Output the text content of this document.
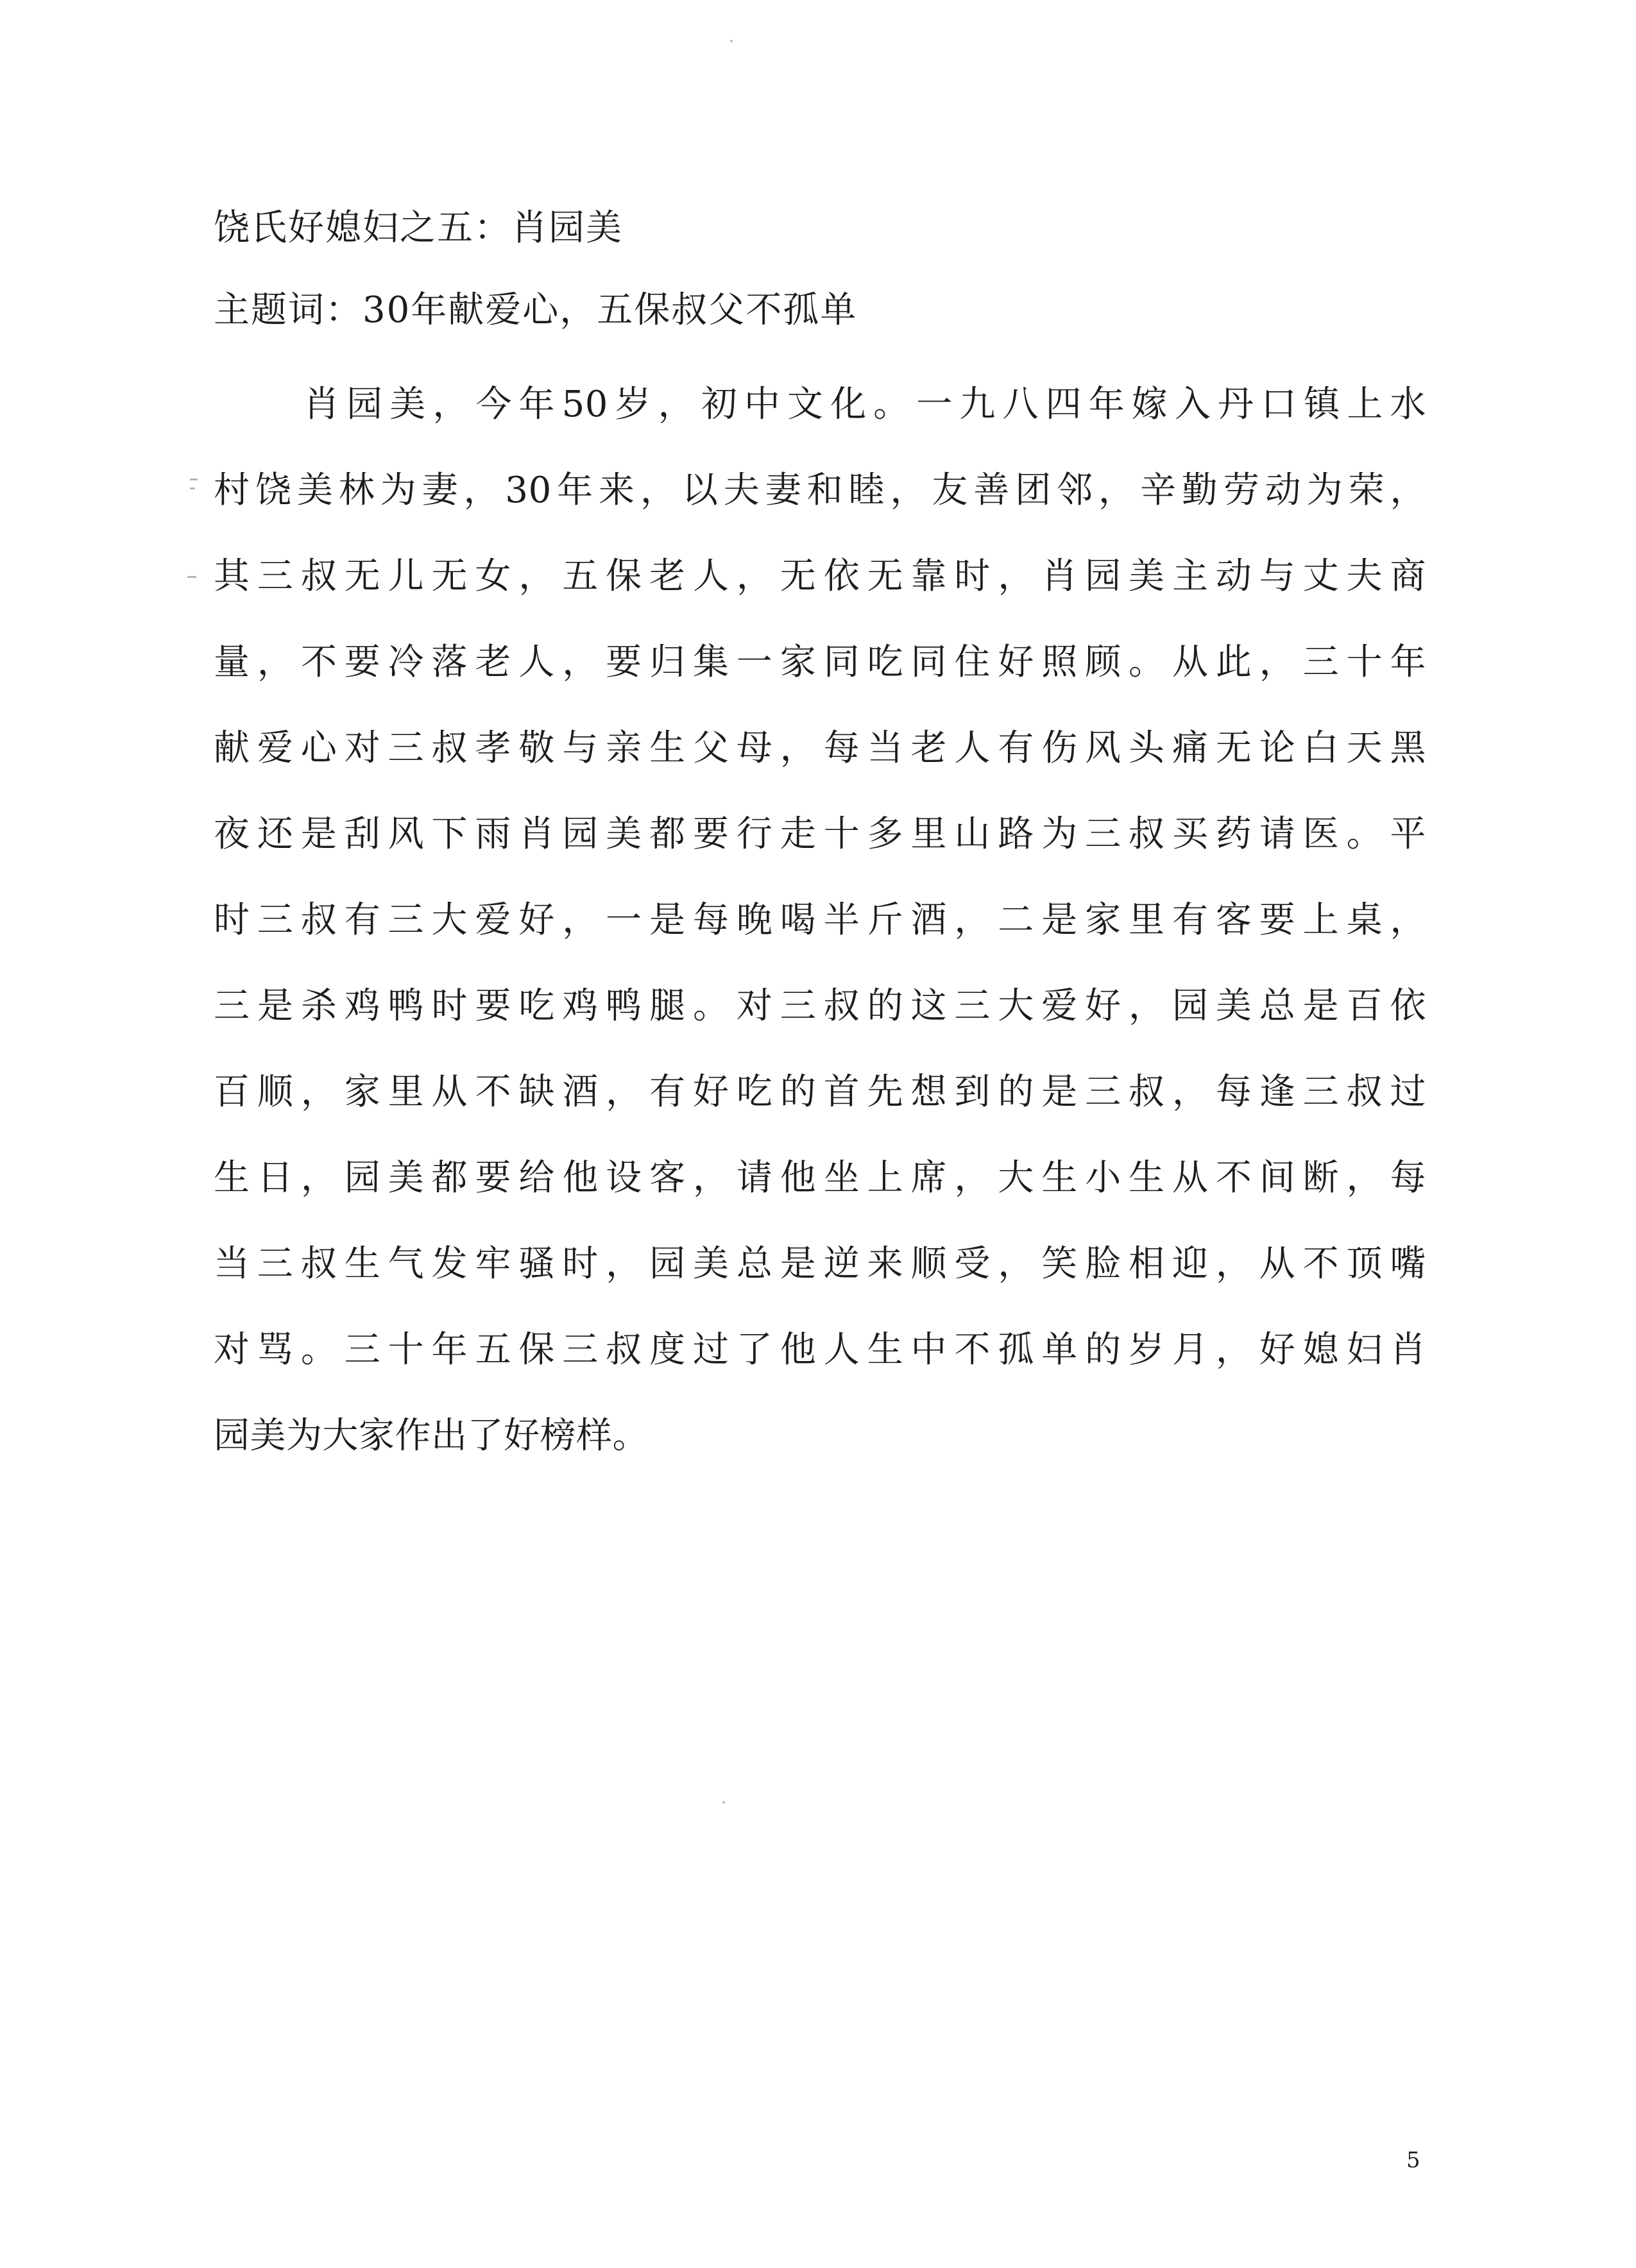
饶氏好媳妇之五：肖园美
主题词：30年献爱心，五保叔父不孤单
肖园美，今年50岁，初中文化。一九八四年嫁入丹口镇上水
村饶美林为妻，30年来，以夫妻和睦，友善团邻，辛勤劳动为荣，
其三叔无儿无女，五保老人，无依无靠时，肖园美主动与丈夫商
量，不要冷落老人，要归集一家同吃同住好照顾。从此，三十年
献爱心对三叔孝敬与亲生父母，每当老人有伤风头痛无论白天黑
夜还是刮风下雨肖园美都要行走十多里山路为三叔买药请医。平
时三叔有三大爱好，一是每晚喝半斤酒，二是家里有客要上桌，
三是杀鸡鸭时要吃鸡鸭腿。对三叔的这三大爱好，园美总是百依
百顺，家里从不缺酒，有好吃的首先想到的是三叔，每逢三叔过
生日，园美都要给他设客，请他坐上席，大生小生从不间断，每
当三叔生气发牢骚时，园美总是逆来顺受，笑脸相迎，从不顶嘴
对骂。三十年五保三叔度过了他人生中不孤单的岁月，好媳妇肖
园美为大家作出了好榜样。
5
